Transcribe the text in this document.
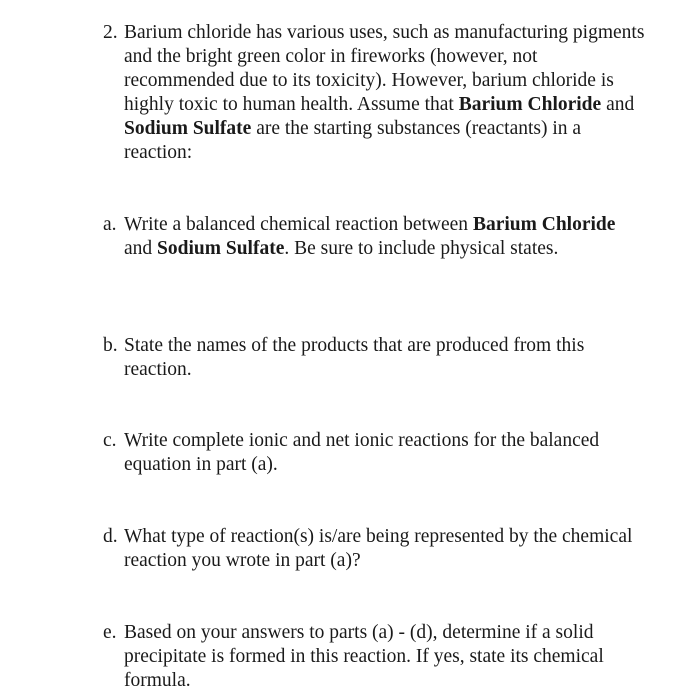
2. Barium chloride has various uses, such as manufacturing pigments and the bright green color in fireworks (however, not recommended due to its toxicity). However, barium chloride is highly toxic to human health. Assume that Barium Chloride and Sodium Sulfate are the starting substances (reactants) in a reaction:
a. Write a balanced chemical reaction between Barium Chloride and Sodium Sulfate. Be sure to include physical states.
b. State the names of the products that are produced from this reaction.
c. Write complete ionic and net ionic reactions for the balanced equation in part (a).
d. What type of reaction(s) is/are being represented by the chemical reaction you wrote in part (a)?
e. Based on your answers to parts (a) - (d), determine if a solid precipitate is formed in this reaction. If yes, state its chemical formula.
